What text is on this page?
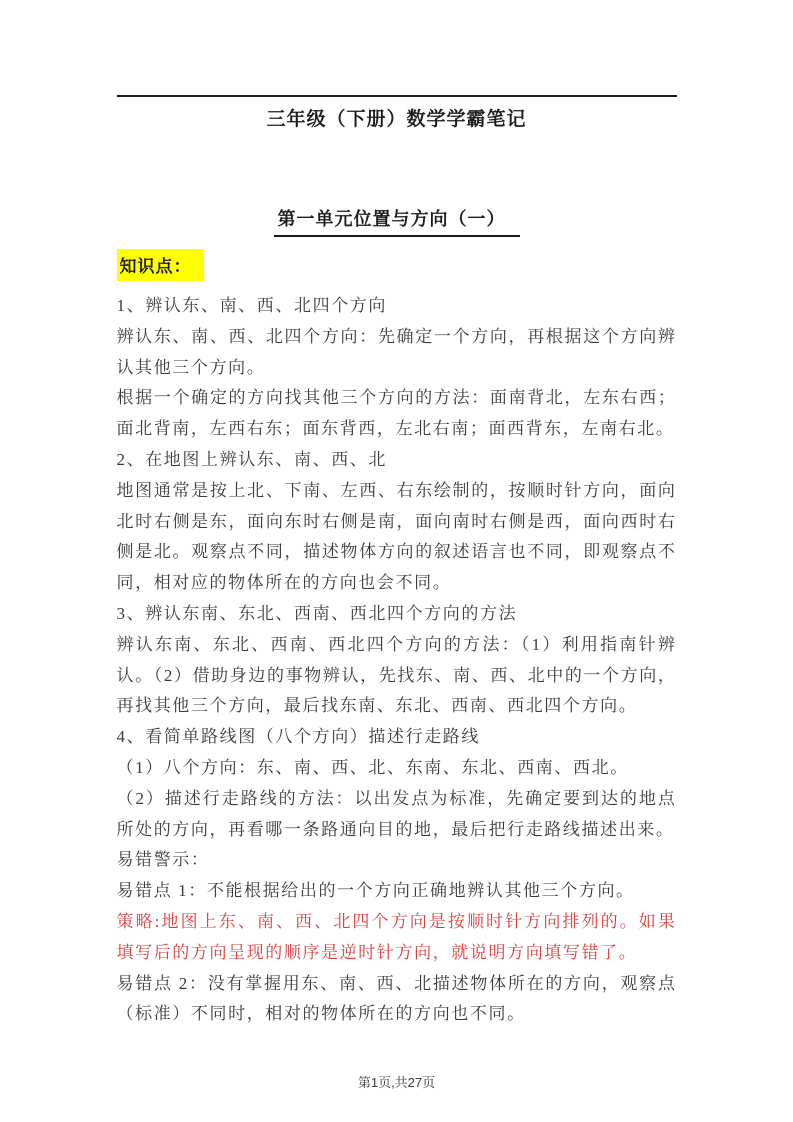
三年级（下册）数学学霸笔记
第一单元位置与方向（一）
知识点：

1、辨认东、南、西、北四个方向

辨认东、南、西、北四个方向：先确定一个方向，再根据这个方向辨认其他三个方向。

根据一个确定的方向找其他三个方向的方法：面南背北，左东右西；面北背南，左西右东；面东背西，左北右南；面西背东，左南右北。

2、在地图上辨认东、南、西、北

地图通常是按上北、下南、左西、右东绘制的，按顺时针方向，面向北时右侧是东，面向东时右侧是南，面向南时右侧是西，面向西时右侧是北。观察点不同，描述物体方向的叙述语言也不同，即观察点不同，相对应的物体所在的方向也会不同。

3、辨认东南、东北、西南、西北四个方向的方法

辨认东南、东北、西南、西北四个方向的方法：（1）利用指南针辨认。（2）借助身边的事物辨认，先找东、南、西、北中的一个方向，再找其他三个方向，最后找东南、东北、西南、西北四个方向。

4、看简单路线图（八个方向）描述行走路线

（1）八个方向：东、南、西、北、东南、东北、西南、西北。

（2）描述行走路线的方法：以出发点为标准，先确定要到达的地点所处的方向，再看哪一条路通向目的地，最后把行走路线描述出来。

易错警示：

易错点 1：不能根据给出的一个方向正确地辨认其他三个方向。

策略:地图上东、南、西、北四个方向是按顺时针方向排列的。如果填写后的方向呈现的顺序是逆时针方向，就说明方向填写错了。

易错点 2：没有掌握用东、南、西、北描述物体所在的方向，观察点（标准）不同时，相对的物体所在的方向也不同。

第1页,共27页
